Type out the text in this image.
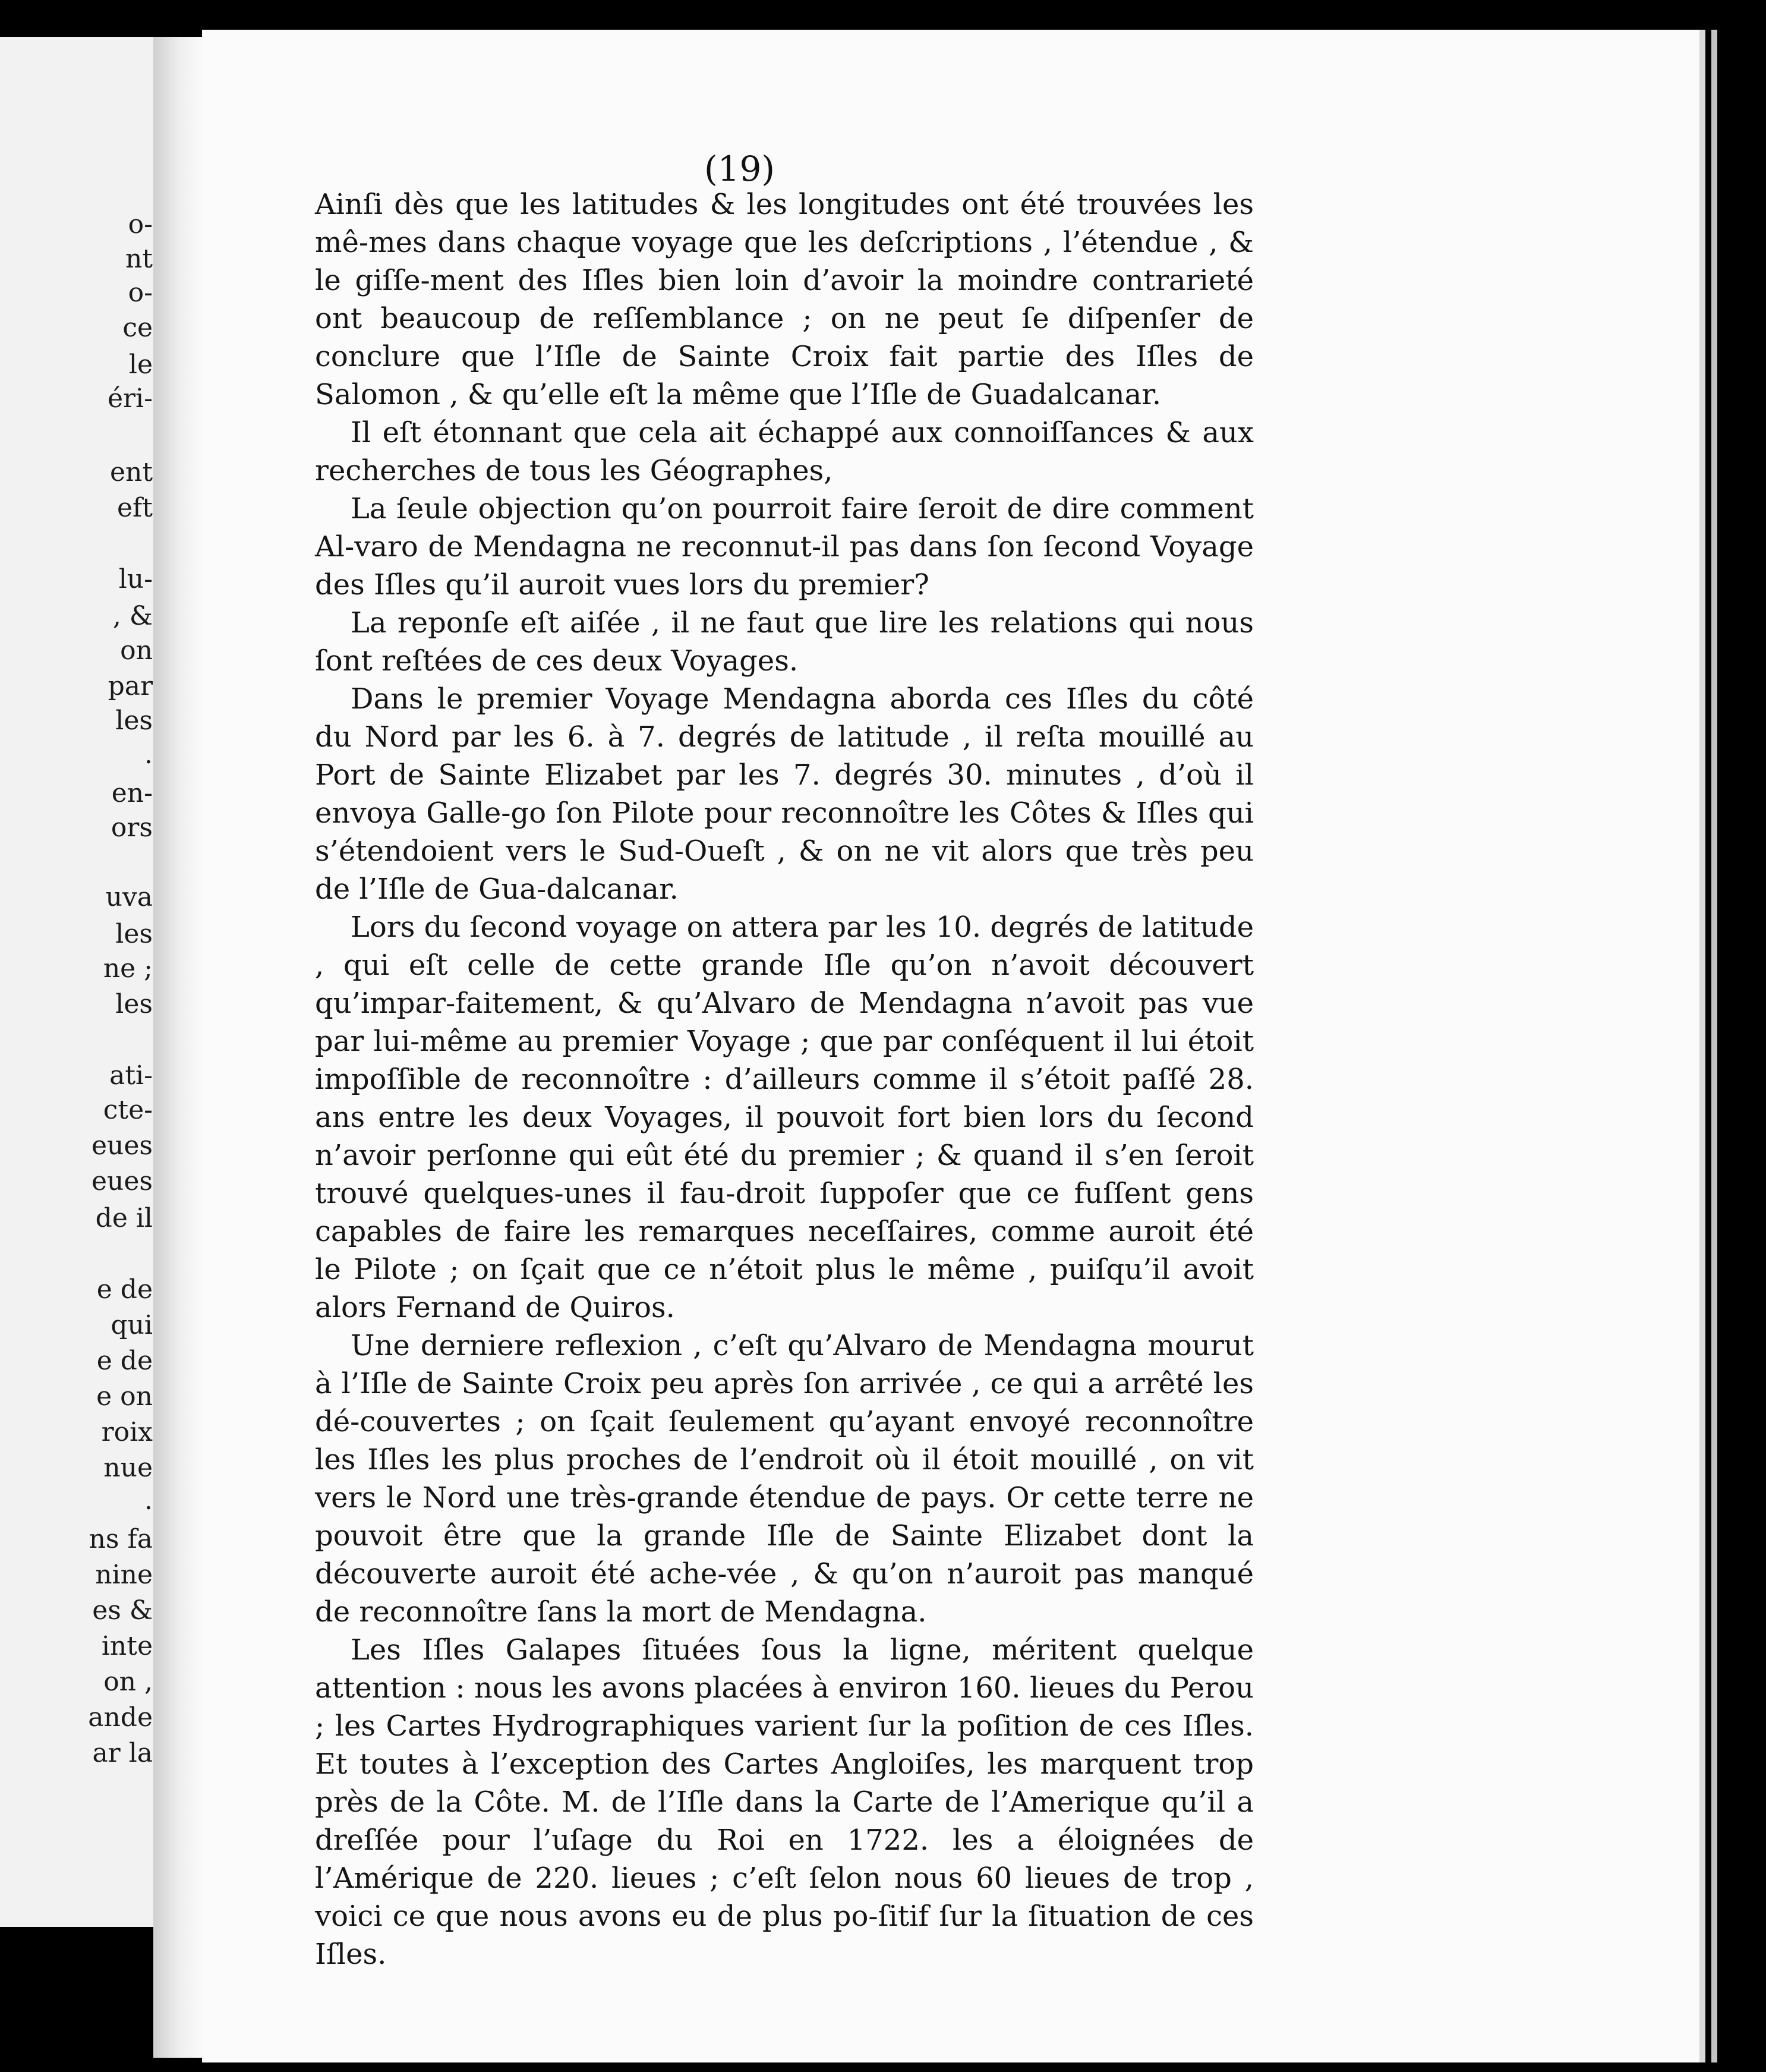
o-
nt
o-
ce
le
éri-
ent
eft
lu-
, &
on
par
les
.
en-
ors
uva
les
ne ;
les
ati-
cte-
eues
eues
de il
e de
qui
e de
e on
roix
nue
.
ns fa
nine
es &
inte
on ,
ande
ar la
(19)

Ainſi dès que les latitudes & les longitudes ont été trouvées les mê-mes dans chaque voyage que les deſcriptions , l’étendue , & le giſſe-ment des Iſles bien loin d’avoir la moindre contrarieté ont beaucoup de reſſemblance ; on ne peut ſe diſpenſer de conclure que l’Iſle de Sainte Croix fait partie des Iſles de Salomon , & qu’elle eſt la même que l’Iſle de Guadalcanar.

Il eſt étonnant que cela ait échappé aux connoiſſances & aux recherches de tous les Géographes,

La ſeule objection qu’on pourroit faire ſeroit de dire comment Al-varo de Mendagna ne reconnut-il pas dans ſon ſecond Voyage des Iſles qu’il auroit vues lors du premier?

La reponſe eſt aiſée , il ne faut que lire les relations qui nous ſont reſtées de ces deux Voyages.

Dans le premier Voyage Mendagna aborda ces Iſles du côté du Nord par les 6. à 7. degrés de latitude , il reſta mouillé au Port de Sainte Elizabet par les 7. degrés 30. minutes , d’où il envoya Galle-go ſon Pilote pour reconnoître les Côtes & Iſles qui s’étendoient vers le Sud-Oueſt , & on ne vit alors que très peu de l’Iſle de Gua-dalcanar.

Lors du ſecond voyage on attera par les 10. degrés de latitude , qui eſt celle de cette grande Iſle qu’on n’avoit découvert qu’impar-faitement, & qu’Alvaro de Mendagna n’avoit pas vue par lui-même au premier Voyage ; que par conſéquent il lui étoit impoſſible de reconnoître : d’ailleurs comme il s’étoit paſſé 28. ans entre les deux Voyages, il pouvoit fort bien lors du ſecond n’avoir perſonne qui eût été du premier ; & quand il s’en ſeroit trouvé quelques-unes il fau-droit ſuppoſer que ce fuſſent gens capables de faire les remarques neceſſaires, comme auroit été le Pilote ; on ſçait que ce n’étoit plus le même , puiſqu’il avoit alors Fernand de Quiros.

Une derniere reflexion , c’eſt qu’Alvaro de Mendagna mourut à l’Iſle de Sainte Croix peu après ſon arrivée , ce qui a arrêté les dé-couvertes ; on ſçait ſeulement qu’ayant envoyé reconnoître les Iſles les plus proches de l’endroit où il étoit mouillé , on vit vers le Nord une très-grande étendue de pays. Or cette terre ne pouvoit être que la grande Iſle de Sainte Elizabet dont la découverte auroit été ache-vée , & qu’on n’auroit pas manqué de reconnoître ſans la mort de Mendagna.

Les Iſles Galapes ſituées ſous la ligne, méritent quelque attention : nous les avons placées à environ 160. lieues du Perou ; les Cartes Hydrographiques varient ſur la poſition de ces Iſles. Et toutes à l’exception des Cartes Angloiſes, les marquent trop près de la Côte. M. de l’Iſle dans la Carte de l’Amerique qu’il a dreſſée pour l’uſage du Roi en 1722. les a éloignées de l’Amérique de 220. lieues ; c’eſt ſelon nous 60 lieues de trop , voici ce que nous avons eu de plus po-ſitif ſur la ſituation de ces Iſles.
